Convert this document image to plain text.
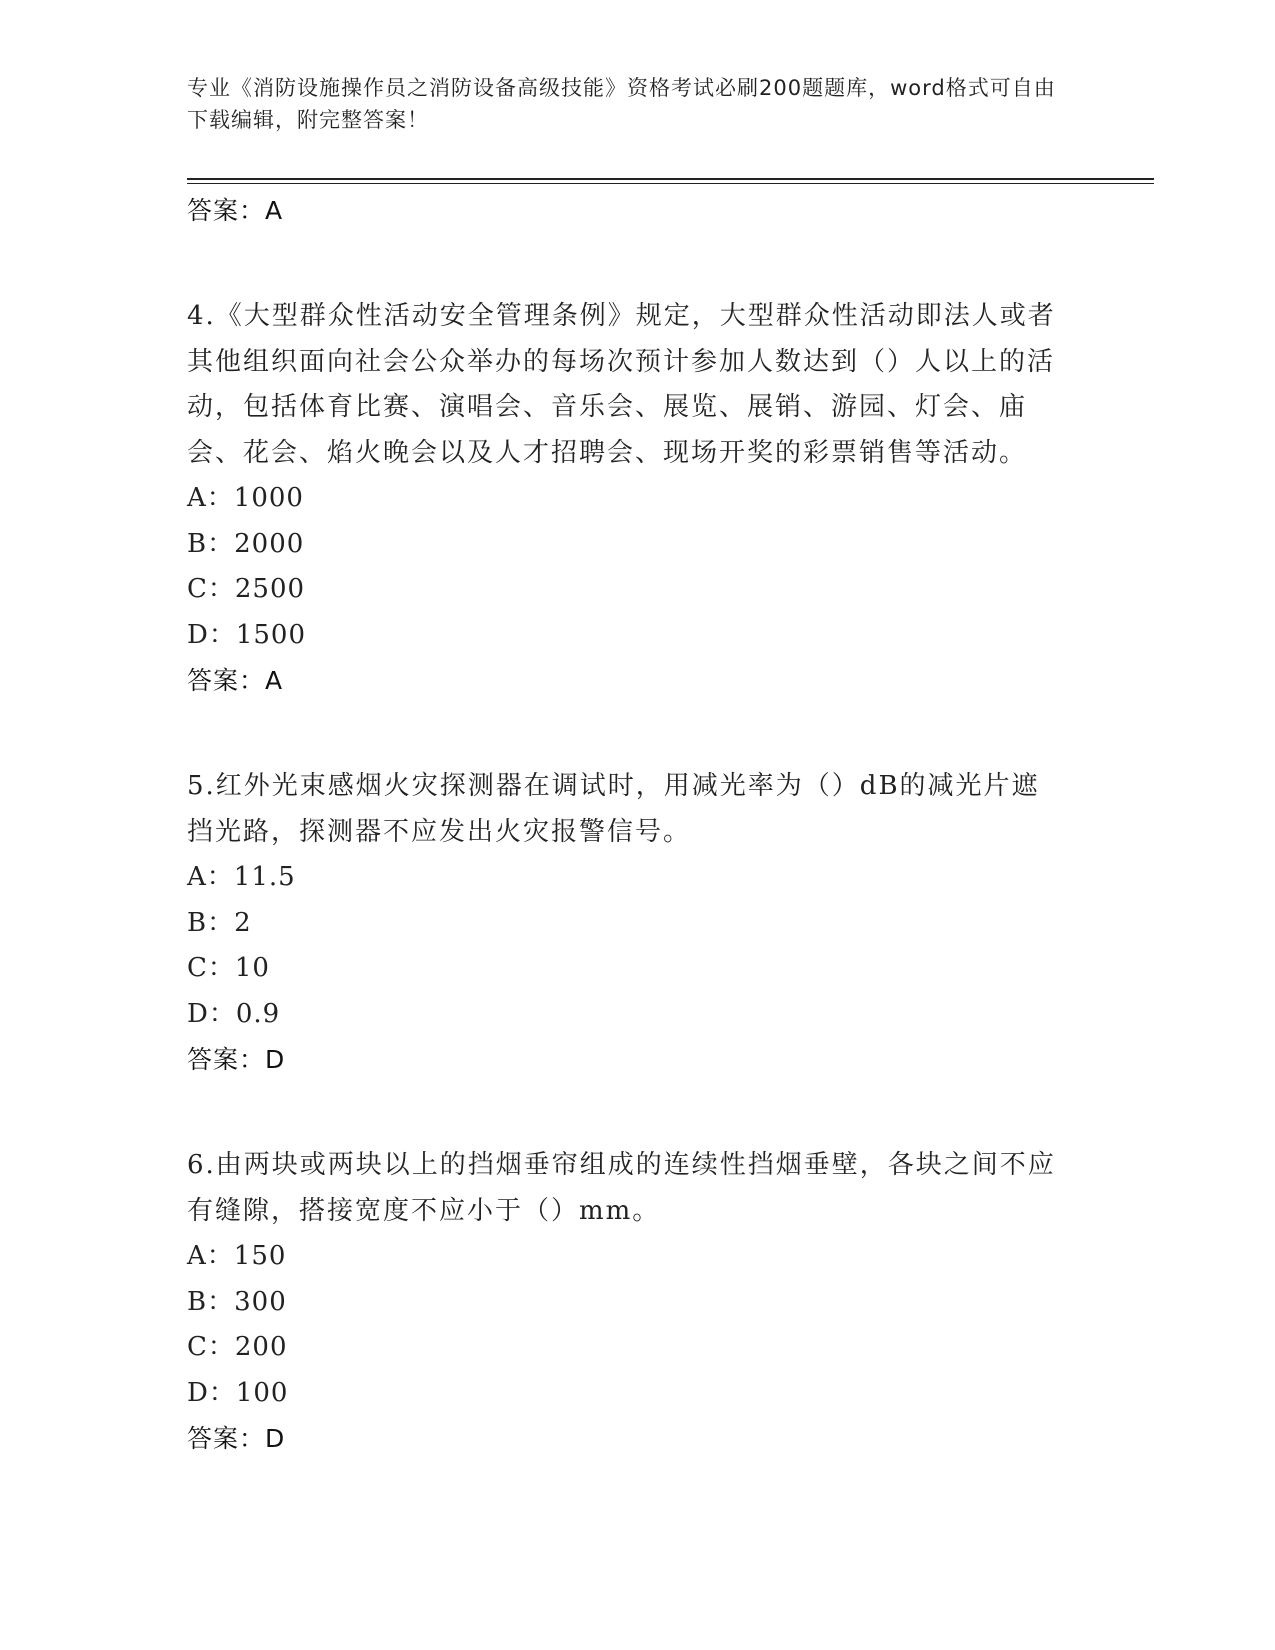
专业《消防设施操作员之消防设备高级技能》资格考试必刷200题题库，word格式可自由下载编辑，附完整答案！
答案：A
4.《大型群众性活动安全管理条例》规定，大型群众性活动即法人或者其他组织面向社会公众举办的每场次预计参加人数达到（）人以上的活动，包括体育比赛、演唱会、音乐会、展览、展销、游园、灯会、庙会、花会、焰火晚会以及人才招聘会、现场开奖的彩票销售等活动。
A：1000
B：2000
C：2500
D：1500
答案：A
5.红外光束感烟火灾探测器在调试时，用减光率为（）dB的减光片遮挡光路，探测器不应发出火灾报警信号。
A：11.5
B：2
C：10
D：0.9
答案：D
6.由两块或两块以上的挡烟垂帘组成的连续性挡烟垂壁，各块之间不应有缝隙，搭接宽度不应小于（）mm。
A：150
B：300
C：200
D：100
答案：D
